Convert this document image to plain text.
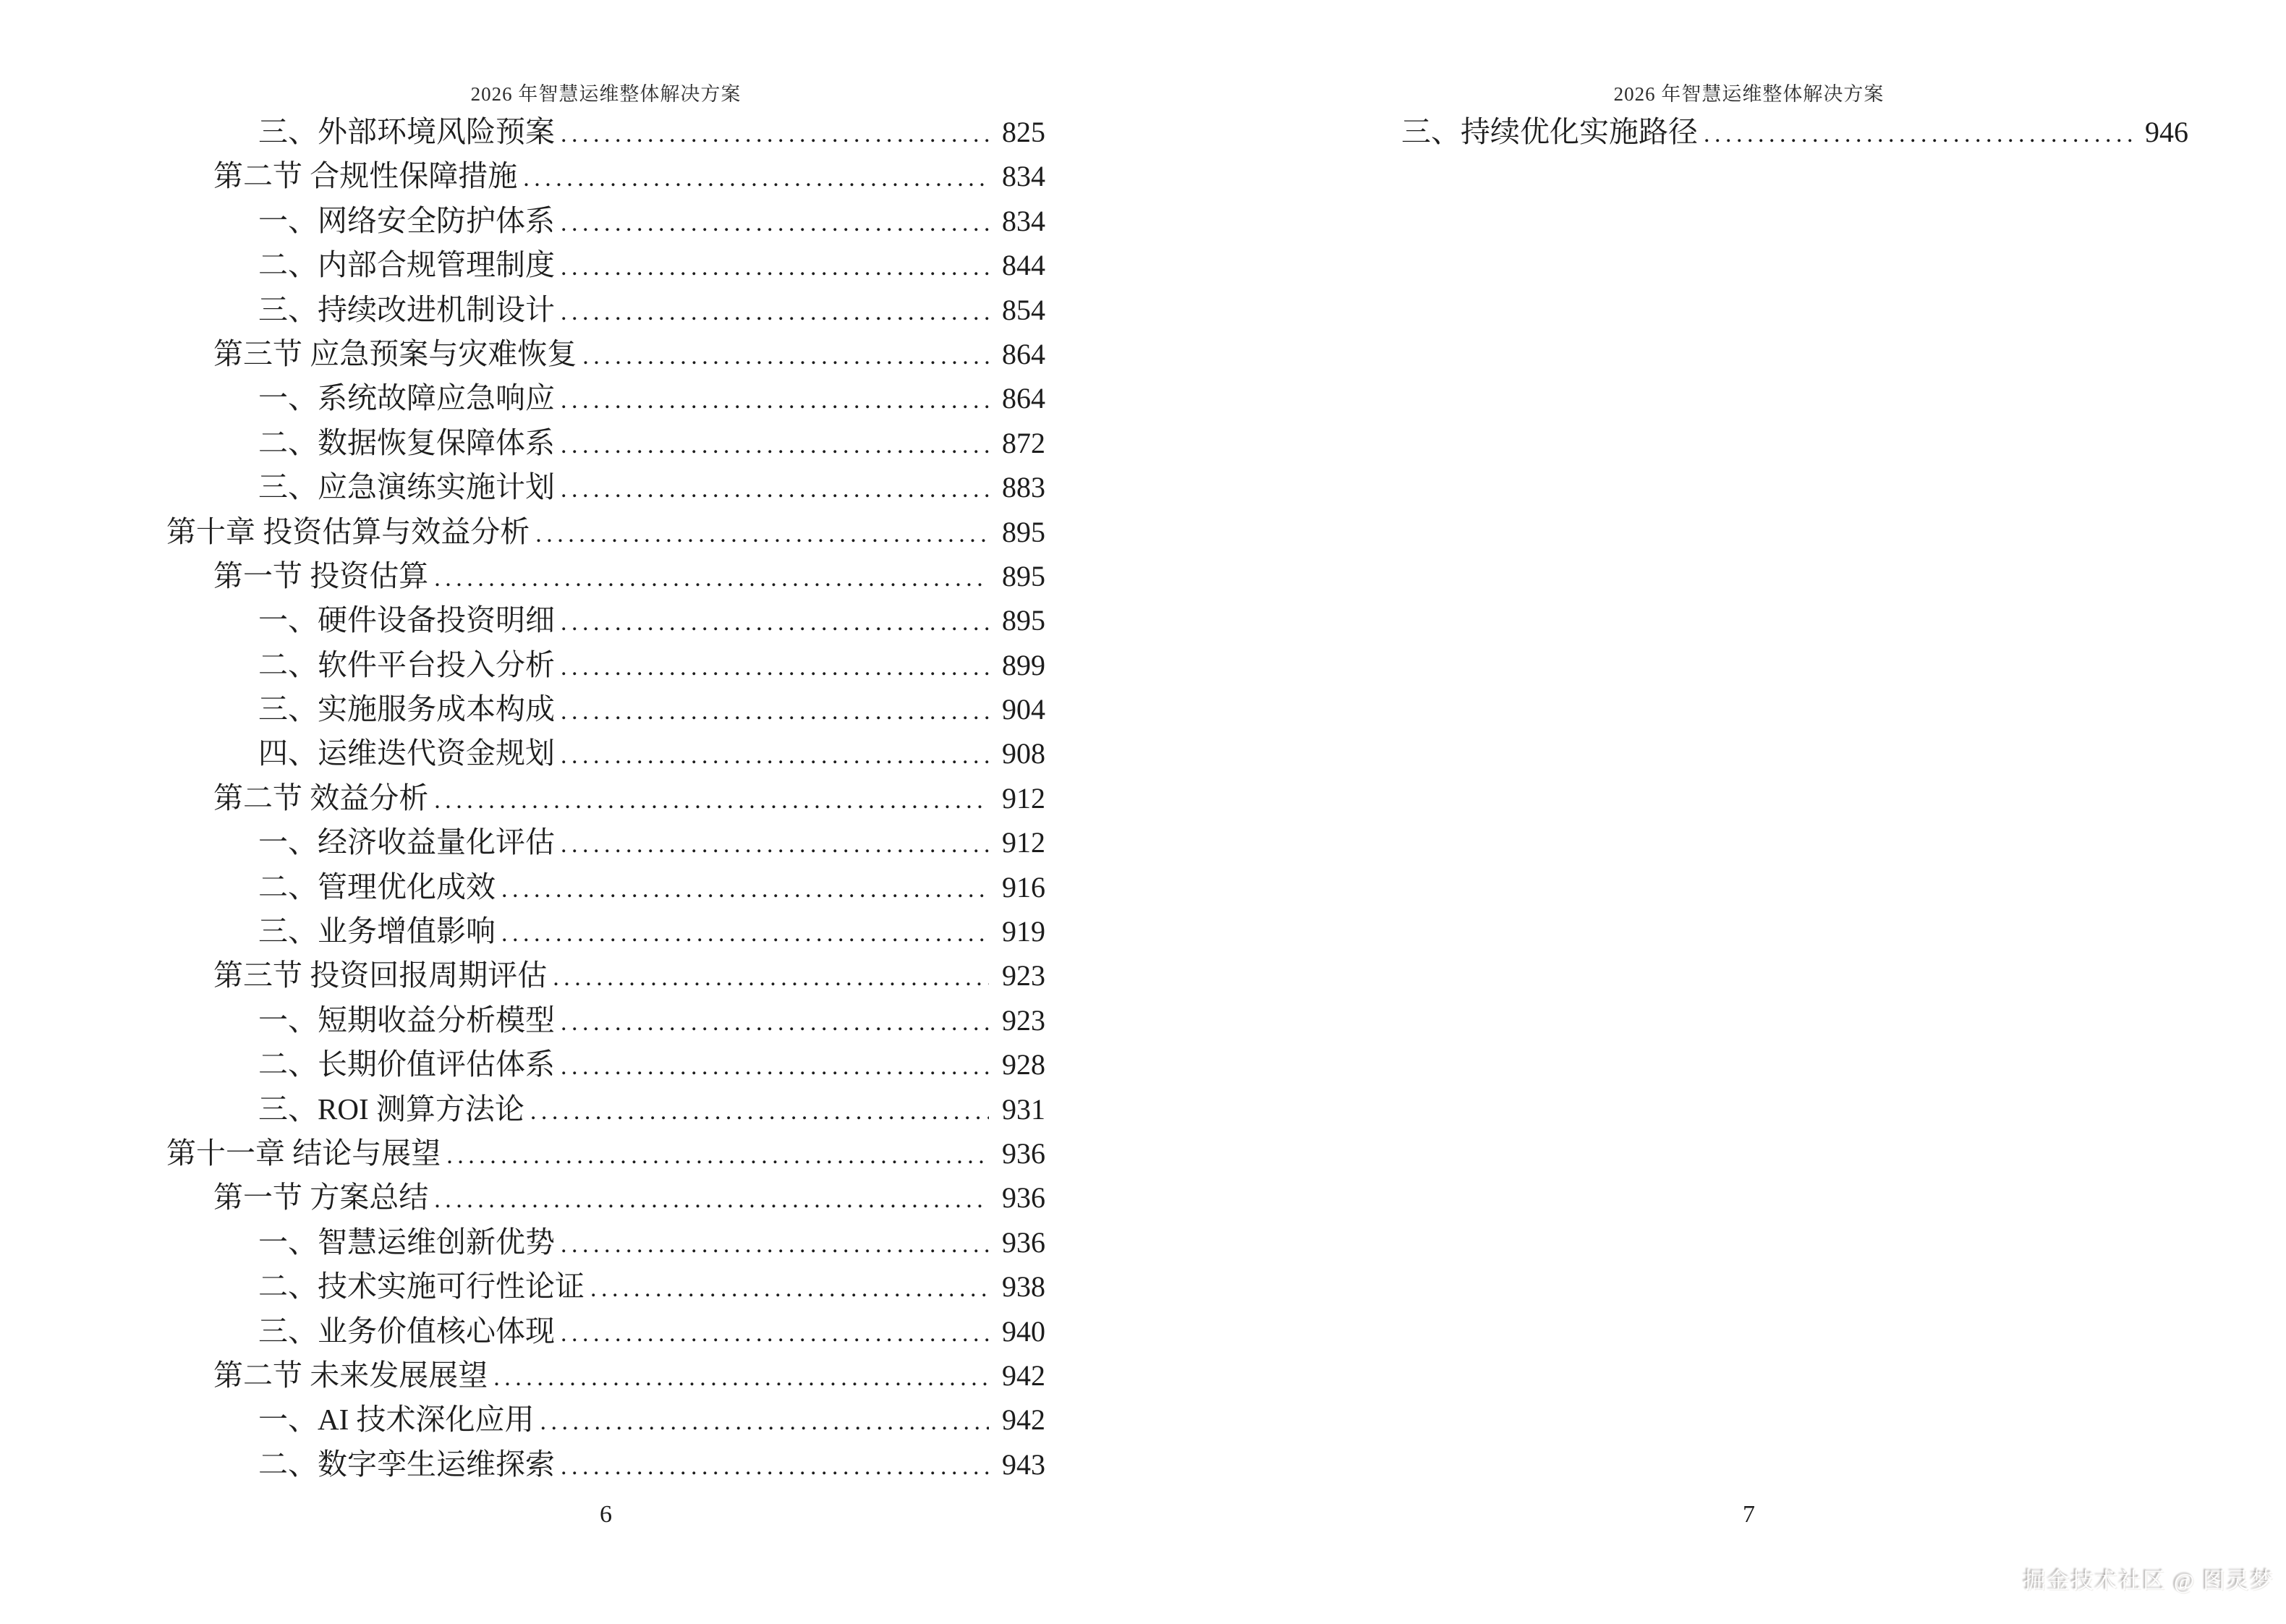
2026 年智慧运维整体解决方案
三、外部环境风险预案 .....	825
第二节 合规性保障措施 .....	834
一、网络安全防护体系 .....	834
二、内部合规管理制度 .....	844
三、持续改进机制设计 .....	854
第三节 应急预案与灾难恢复 .....	864
一、系统故障应急响应 .....	864
二、数据恢复保障体系 .....	872
三、应急演练实施计划 .....	883
第十章 投资估算与效益分析 .....	895
第一节 投资估算 .....	895
一、硬件设备投资明细 .....	895
二、软件平台投入分析 .....	899
三、实施服务成本构成 .....	904
四、运维迭代资金规划 .....	908
第二节 效益分析 .....	912
一、经济收益量化评估 .....	912
二、管理优化成效 .....	916
三、业务增值影响 .....	919
第三节 投资回报周期评估 .....	923
一、短期收益分析模型 .....	923
二、长期价值评估体系 .....	928
三、ROI 测算方法论 .....	931
第十一章 结论与展望 .....	936
第一节 方案总结 .....	936
一、智慧运维创新优势 .....	936
二、技术实施可行性论证 .....	938
三、业务价值核心体现 .....	940
第二节 未来发展展望 .....	942
一、AI 技术深化应用 .....	942
二、数字孪生运维探索 .....	943
6
2026 年智慧运维整体解决方案
三、持续优化实施路径 .....	946
7
掘金技术社区 @ 图灵梦
